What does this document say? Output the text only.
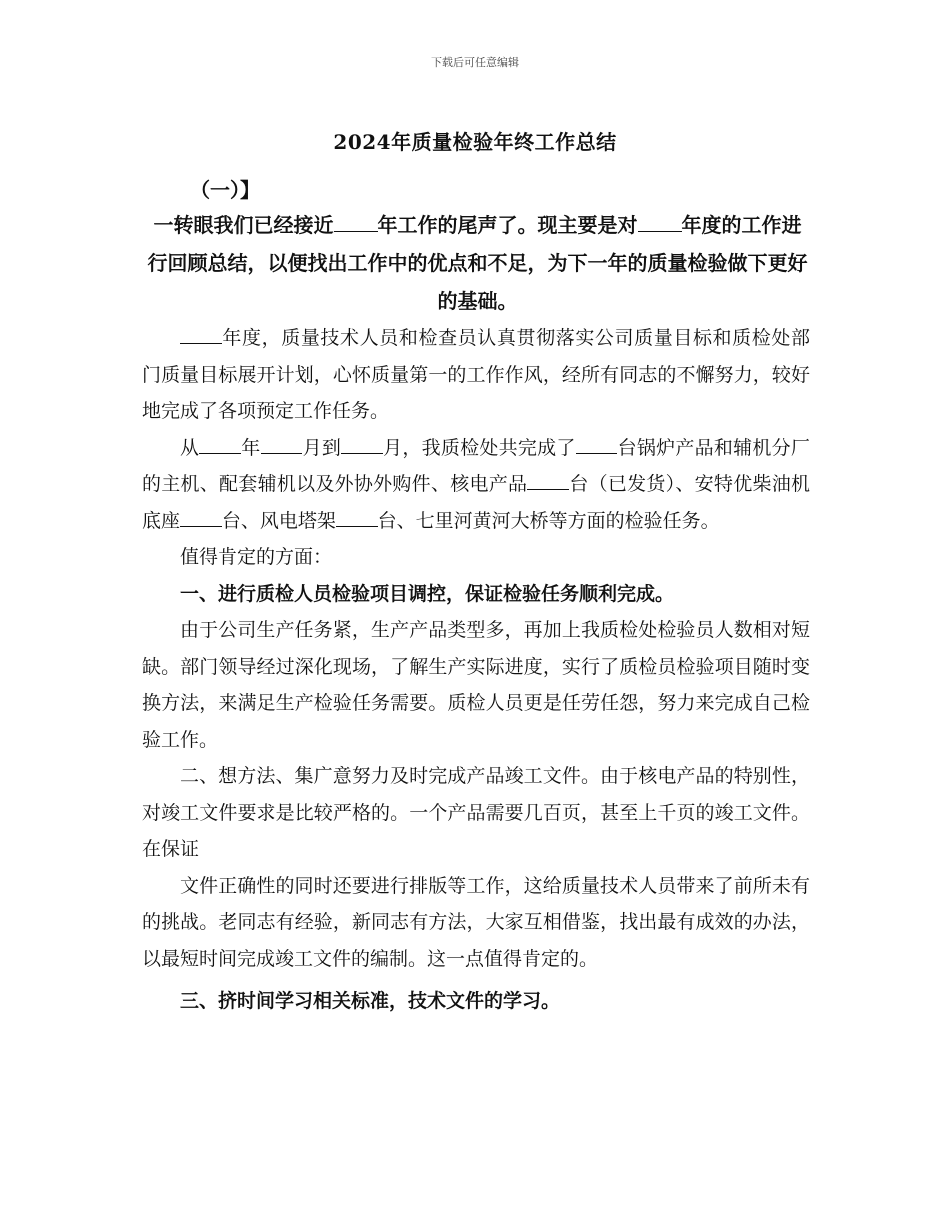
下载后可任意编辑
2024年质量检验年终工作总结
（一）】
一转眼我们已经接近 年工作的尾声了。现主要是对 年度的工作进行回顾总结，以便找出工作中的优点和不足，为下一年的质量检验做下更好的基础。

年度，质量技术人员和检查员认真贯彻落实公司质量目标和质检处部门质量目标展开计划，心怀质量第一的工作作风，经所有同志的不懈努力，较好地完成了各项预定工作任务。

从 年 月到 月，我质检处共完成了 台锅炉产品和辅机分厂的主机、配套辅机以及外协外购件、核电产品 台（已发货）、安特优柴油机底座 台、风电塔架 台、七里河黄河大桥等方面的检验任务。

值得肯定的方面：

一、进行质检人员检验项目调控，保证检验任务顺利完成。

由于公司生产任务紧，生产产品类型多，再加上我质检处检验员人数相对短缺。部门领导经过深化现场，了解生产实际进度，实行了质检员检验项目随时变换方法，来满足生产检验任务需要。质检人员更是任劳任怨，努力来完成自己检验工作。

二、想方法、集广意努力及时完成产品竣工文件。由于核电产品的特别性，对竣工文件要求是比较严格的。一个产品需要几百页，甚至上千页的竣工文件。在保证

文件正确性的同时还要进行排版等工作，这给质量技术人员带来了前所未有的挑战。老同志有经验，新同志有方法，大家互相借鉴，找出最有成效的办法，以最短时间完成竣工文件的编制。这一点值得肯定的。

三、挤时间学习相关标准，技术文件的学习。
